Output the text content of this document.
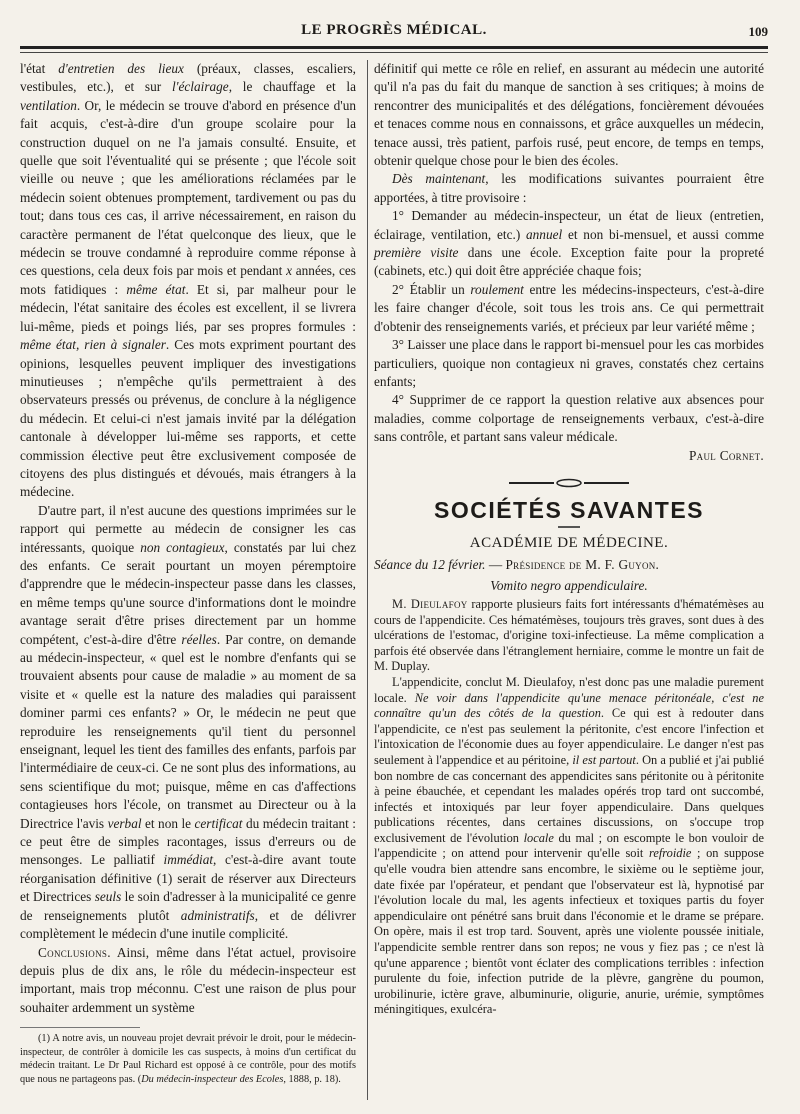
LE PROGRÈS MÉDICAL.	109

l'état d'entretien des lieux (préaux, classes, escaliers, vestibules, etc.), et sur l'éclairage, le chauffage et la ventilation. Or, le médecin se trouve d'abord en présence d'un fait acquis, c'est-à-dire d'un groupe scolaire pour la construction duquel on ne l'a jamais consulté. Ensuite, et quelle que soit l'éventualité qui se présente ; que l'école soit vieille ou neuve ; que les améliorations réclamées par le médecin soient obtenues promptement, tardivement ou pas du tout; dans tous ces cas, il arrive nécessairement, en raison du caractère permanent de l'état quelconque des lieux, que le médecin se trouve condamné à reproduire comme réponse à ces questions, cela deux fois par mois et pendant x années, ces mots fatidiques : même état. Et si, par malheur pour le médecin, l'état sanitaire des écoles est excellent, il se livrera lui-même, pieds et poings liés, par ses propres formules : même état, rien à signaler. Ces mots expriment pourtant des opinions, lesquelles peuvent impliquer des investigations minutieuses ; n'empêche qu'ils permettraient à des observateurs pressés ou prévenus, de conclure à la négligence du médecin. Et celui-ci n'est jamais invité par la délégation cantonale à développer lui-même ses rapports, et cette commission élective peut être exclusivement composée de citoyens des plus distingués et dévoués, mais étrangers à la médecine.

D'autre part, il n'est aucune des questions imprimées sur le rapport qui permette au médecin de consigner les cas intéressants, quoique non contagieux, constatés par lui chez des enfants. Ce serait pourtant un moyen péremptoire d'apprendre que le médecin-inspecteur passe dans les classes, en même temps qu'une source d'informations dont le moindre avantage serait d'être prises directement par un homme compétent, c'est-à-dire d'être réelles. Par contre, on demande au médecin-inspecteur, « quel est le nombre d'enfants qui se trouvaient absents pour cause de maladie » au moment de sa visite et « quelle est la nature des maladies qui paraissent dominer parmi ces enfants? » Or, le médecin ne peut que reproduire les renseignements qu'il tient du personnel enseignant, lequel les tient des familles des enfants, parfois par l'intermédiaire de ceux-ci. Ce ne sont plus des informations, au sens scientifique du mot; puisque, même en cas d'affections contagieuses hors l'école, on transmet au Directeur ou à la Directrice l'avis verbal et non le certificat du médecin traitant : ce peut être de simples racontages, issus d'erreurs ou de mensonges. Le palliatif immédiat, c'est-à-dire avant toute réorganisation définitive (1) serait de réserver aux Directeurs et Directrices seuls le soin d'adresser à la municipalité ce genre de renseignements plutôt administratifs, et de délivrer complètement le médecin d'une inutile complicité.

Conclusions. Ainsi, même dans l'état actuel, provisoire depuis plus de dix ans, le rôle du médecin-inspecteur est important, mais trop méconnu. C'est une raison de plus pour souhaiter ardemment un système

(1) A notre avis, un nouveau projet devrait prévoir le droit, pour le médecin-inspecteur, de contrôler à domicile les cas suspects, à moins d'un certificat du médecin traitant. Le Dr Paul Richard est opposé à ce contrôle, pour des motifs que nous ne partageons pas. (Du médecin-inspecteur des Ecoles, 1888, p. 18).

définitif qui mette ce rôle en relief, en assurant au médecin une autorité qu'il n'a pas du fait du manque de sanction à ses critiques; à moins de rencontrer des municipalités et des délégations, foncièrement dévouées et tenaces comme nous en connaissons, et grâce auxquelles un médecin, tenace aussi, très patient, parfois rusé, peut encore, de temps en temps, obtenir quelque chose pour le bien des écoles.

Dès maintenant, les modifications suivantes pourraient être apportées, à titre provisoire :

1° Demander au médecin-inspecteur, un état de lieux (entretien, éclairage, ventilation, etc.) annuel et non bi-mensuel, et aussi comme première visite dans une école. Exception faite pour la propreté (cabinets, etc.) qui doit être appréciée chaque fois;

2° Établir un roulement entre les médecins-inspecteurs, c'est-à-dire les faire changer d'école, soit tous les trois ans. Ce qui permettrait d'obtenir des renseignements variés, et précieux par leur variété même ;

3° Laisser une place dans le rapport bi-mensuel pour les cas morbides particuliers, quoique non contagieux ni graves, constatés chez certains enfants;

4° Supprimer de ce rapport la question relative aux absences pour maladies, comme colportage de renseignements verbaux, c'est-à-dire sans contrôle, et partant sans valeur médicale.

Paul Cornet.

SOCIÉTÉS SAVANTES
ACADÉMIE DE MÉDECINE.

Séance du 12 février. — Présidence de M. F. Guyon.

Vomito negro appendiculaire.

M. Dieulafoy rapporte plusieurs faits fort intéressants d'hématémèses au cours de l'appendicite. Ces hématémèses, toujours très graves, sont dues à des ulcérations de l'estomac, d'origine toxi-infectieuse. La même complication a parfois été observée dans l'étranglement herniaire, comme le montre un fait de M. Duplay.

L'appendicite, conclut M. Dieulafoy, n'est donc pas une maladie purement locale. Ne voir dans l'appendicite qu'une menace péritonéale, c'est ne connaître qu'un des côtés de la question. Ce qui est à redouter dans l'appendicite, ce n'est pas seulement la péritonite, c'est encore l'infection et l'intoxication de l'économie dues au foyer appendiculaire. Le danger n'est pas seulement à l'appendice et au péritoine, il est partout. On a publié et j'ai publié bon nombre de cas concernant des appendicites sans péritonite ou à péritonite à peine ébauchée, et cependant les malades opérés trop tard ont succombé, infectés et intoxiqués par leur foyer appendiculaire. Dans quelques publications récentes, dans certaines discussions, on s'occupe trop exclusivement de l'évolution locale du mal ; on escompte le bon vouloir de l'appendicite ; on attend pour intervenir qu'elle soit refroidie ; on suppose qu'elle voudra bien attendre sans encombre, le sixième ou le septième jour, date fixée par l'opérateur, et pendant que l'observateur est là, hypnotisé par l'évolution locale du mal, les agents infectieux et toxiques partis du foyer appendiculaire ont pénétré sans bruit dans l'économie et le drame se prépare. On opère, mais il est trop tard. Souvent, après une violente poussée initiale, l'appendicite semble rentrer dans son repos; ne vous y fiez pas ; ce n'est là qu'une apparence ; bientôt vont éclater des complications terribles : infection purulente du foie, infection putride de la plèvre, gangrène du poumon, urobilinurie, ictère grave, albuminurie, oligurie, anurie, urémie, symptômes méningitiques, exulcéra-
